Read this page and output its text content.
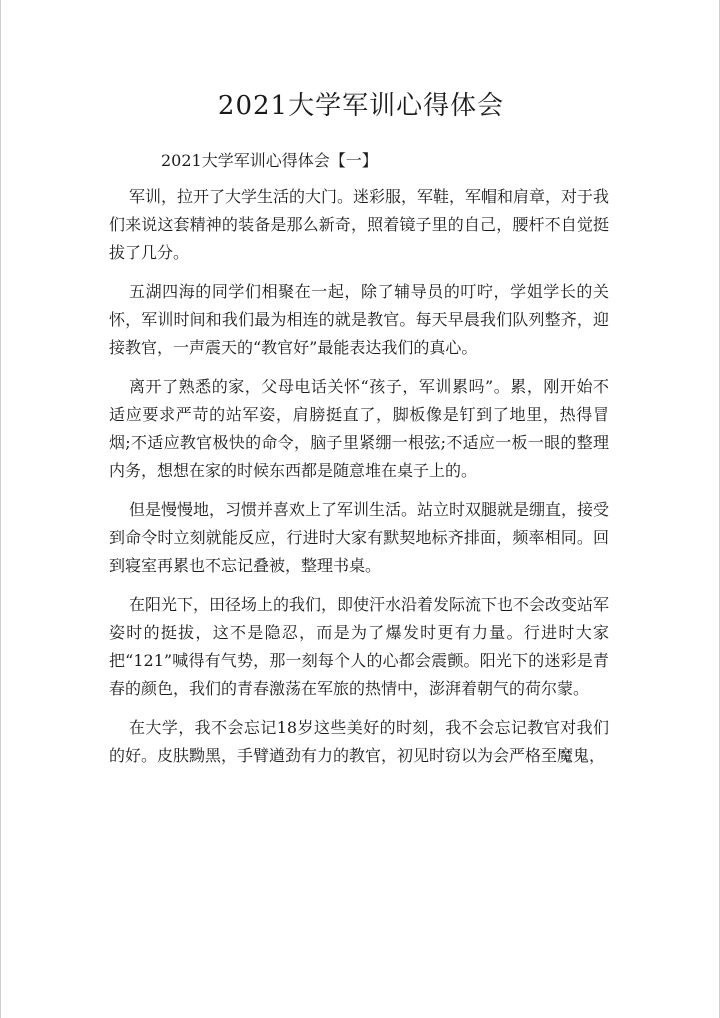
2021大学军训心得体会

2021大学军训心得体会【一】

军训，拉开了大学生活的大门。迷彩服，军鞋，军帽和肩章，对于我们来说这套精神的装备是那么新奇，照着镜子里的自己，腰杆不自觉挺拔了几分。

五湖四海的同学们相聚在一起，除了辅导员的叮咛，学姐学长的关怀，军训时间和我们最为相连的就是教官。每天早晨我们队列整齐，迎接教官，一声震天的“教官好”最能表达我们的真心。

离开了熟悉的家，父母电话关怀“孩子，军训累吗”。累，刚开始不适应要求严苛的站军姿，肩膀挺直了，脚板像是钉到了地里，热得冒烟;不适应教官极快的命令，脑子里紧绷一根弦;不适应一板一眼的整理内务，想想在家的时候东西都是随意堆在桌子上的。

但是慢慢地，习惯并喜欢上了军训生活。站立时双腿就是绷直，接受到命令时立刻就能反应，行进时大家有默契地标齐排面，频率相同。回到寝室再累也不忘记叠被，整理书桌。

在阳光下，田径场上的我们，即使汗水沿着发际流下也不会改变站军姿时的挺拔，这不是隐忍，而是为了爆发时更有力量。行进时大家把“121”喊得有气势，那一刻每个人的心都会震颤。阳光下的迷彩是青春的颜色，我们的青春激荡在军旅的热情中，澎湃着朝气的荷尔蒙。

在大学，我不会忘记18岁这些美好的时刻，我不会忘记教官对我们的好。皮肤黝黑，手臂遒劲有力的教官，初见时窃以为会严格至魔鬼，
